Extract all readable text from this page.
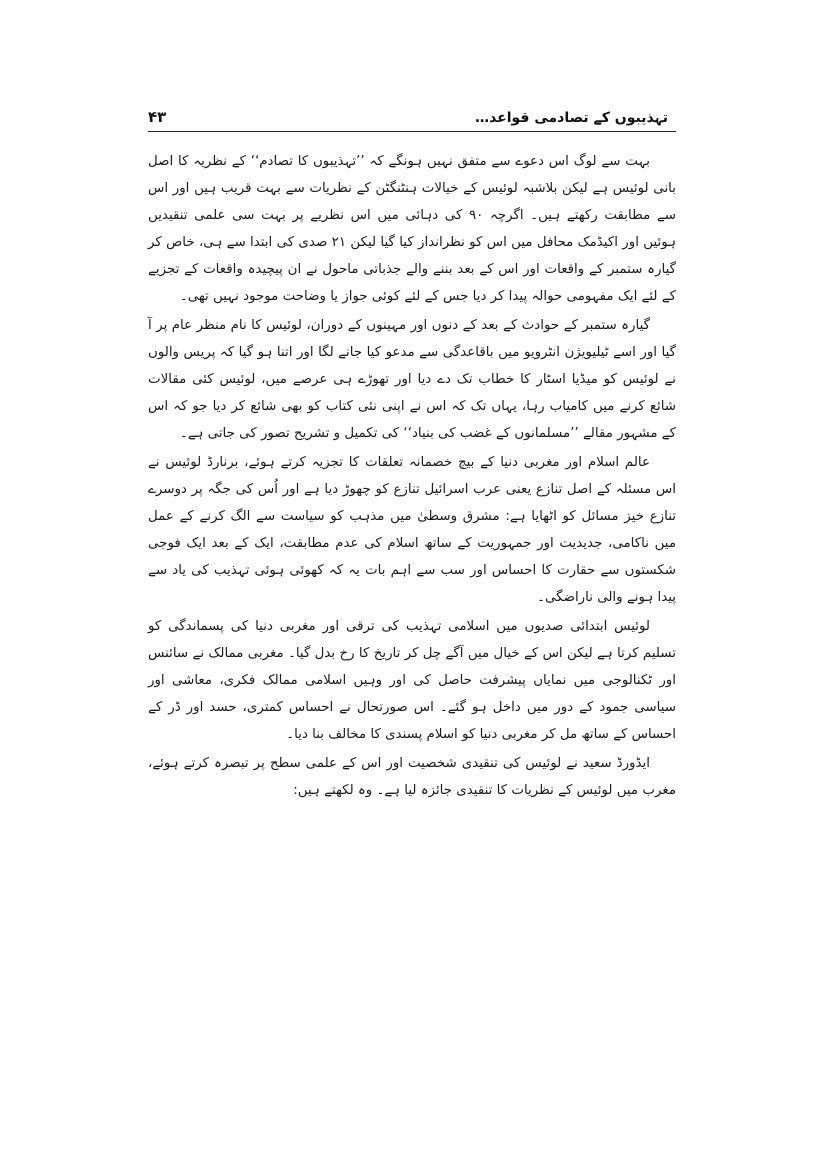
۴۳	تہذیبوں کے تصادمی قواعد…

بہت سے لوگ اس دعوے سے متفق نہیں ہونگے کہ ’’تہذیبوں کا تصادم‘‘ کے نظریہ کا اصل بانی لوئیس ہے لیکن بلاشبہ لوئیس کے خیالات ہنٹنگٹن کے نظریات سے بہت قریب ہیں اور اس سے مطابقت رکھتے ہیں۔ اگرچہ ۹۰ کی دہائی میں اس نظریے پر بہت سی علمی تنقیدیں ہوئیں اور اکیڈمک محافل میں اس کو نظرانداز کیا گیا لیکن ۲۱ صدی کی ابتدا سے ہی، خاص کر گیارہ ستمبر کے واقعات اور اس کے بعد بننے والے جذباتی ماحول نے ان پیچیدہ واقعات کے تجزیے کے لئے ایک مفہومی حوالہ پیدا کر دیا جس کے لئے کوئی جواز یا وضاحت موجود نہیں تھی۔

گیارہ ستمبر کے حوادث کے بعد کے دنوں اور مہینوں کے دوران، لوئیس کا نام منظر عام پر آ گیا اور اسے ٹیلیویژن انٹرویو میں باقاعدگی سے مدعو کیا جانے لگا اور اتنا ہو گیا کہ پریس والوں نے لوئیس کو میڈیا اسٹار کا خطاب تک دے دیا اور تھوڑے ہی عرصے میں، لوئیس کئی مقالات شائع کرنے میں کامیاب رہا، یہاں تک کہ اس نے اپنی نئی کتاب کو بھی شائع کر دیا جو کہ اس کے مشہور مقالے ’’مسلمانوں کے غضب کی بنیاد‘‘ کی تکمیل و تشریح تصور کی جاتی ہے۔

عالم اسلام اور مغربی دنیا کے بیچ خصمانہ تعلقات کا تجزیہ کرتے ہوئے، برنارڈ لوئیس نے اس مسئلہ کے اصل تنازع یعنی عرب اسرائیل تنازع کو چھوڑ دیا ہے اور اُس کی جگہ پر دوسرے تنازع خیز مسائل کو اٹھایا ہے: مشرق وسطیٰ میں مذہب کو سیاست سے الگ کرنے کے عمل میں ناکامی، جدیدیت اور جمہوریت کے ساتھ اسلام کی عدم مطابقت، ایک کے بعد ایک فوجی شکستوں سے حقارت کا احساس اور سب سے اہم بات یہ کہ کھوئی ہوئی تہذیب کی یاد سے پیدا ہونے والی ناراضگی۔

لوئیس ابتدائی صدیوں میں اسلامی تہذیب کی ترقی اور مغربی دنیا کی پسماندگی کو تسلیم کرتا ہے لیکن اس کے خیال میں آگے چل کر تاریخ کا رخ بدل گیا۔ مغربی ممالک نے سائنس اور ٹکنالوجی میں نمایاں پیشرفت حاصل کی اور وہیں اسلامی ممالک فکری، معاشی اور سیاسی جمود کے دور میں داخل ہو گئے۔ اس صورتحال نے احساس کمتری، حسد اور ڈر کے احساس کے ساتھ مل کر مغربی دنیا کو اسلام پسندی کا مخالف بنا دیا۔

ایڈورڈ سعید نے لوئیس کی تنقیدی شخصیت اور اس کے علمی سطح پر تبصرہ کرتے ہوئے، مغرب میں لوئیس کے نظریات کا تنقیدی جائزہ لیا ہے۔ وہ لکھتے ہیں:
